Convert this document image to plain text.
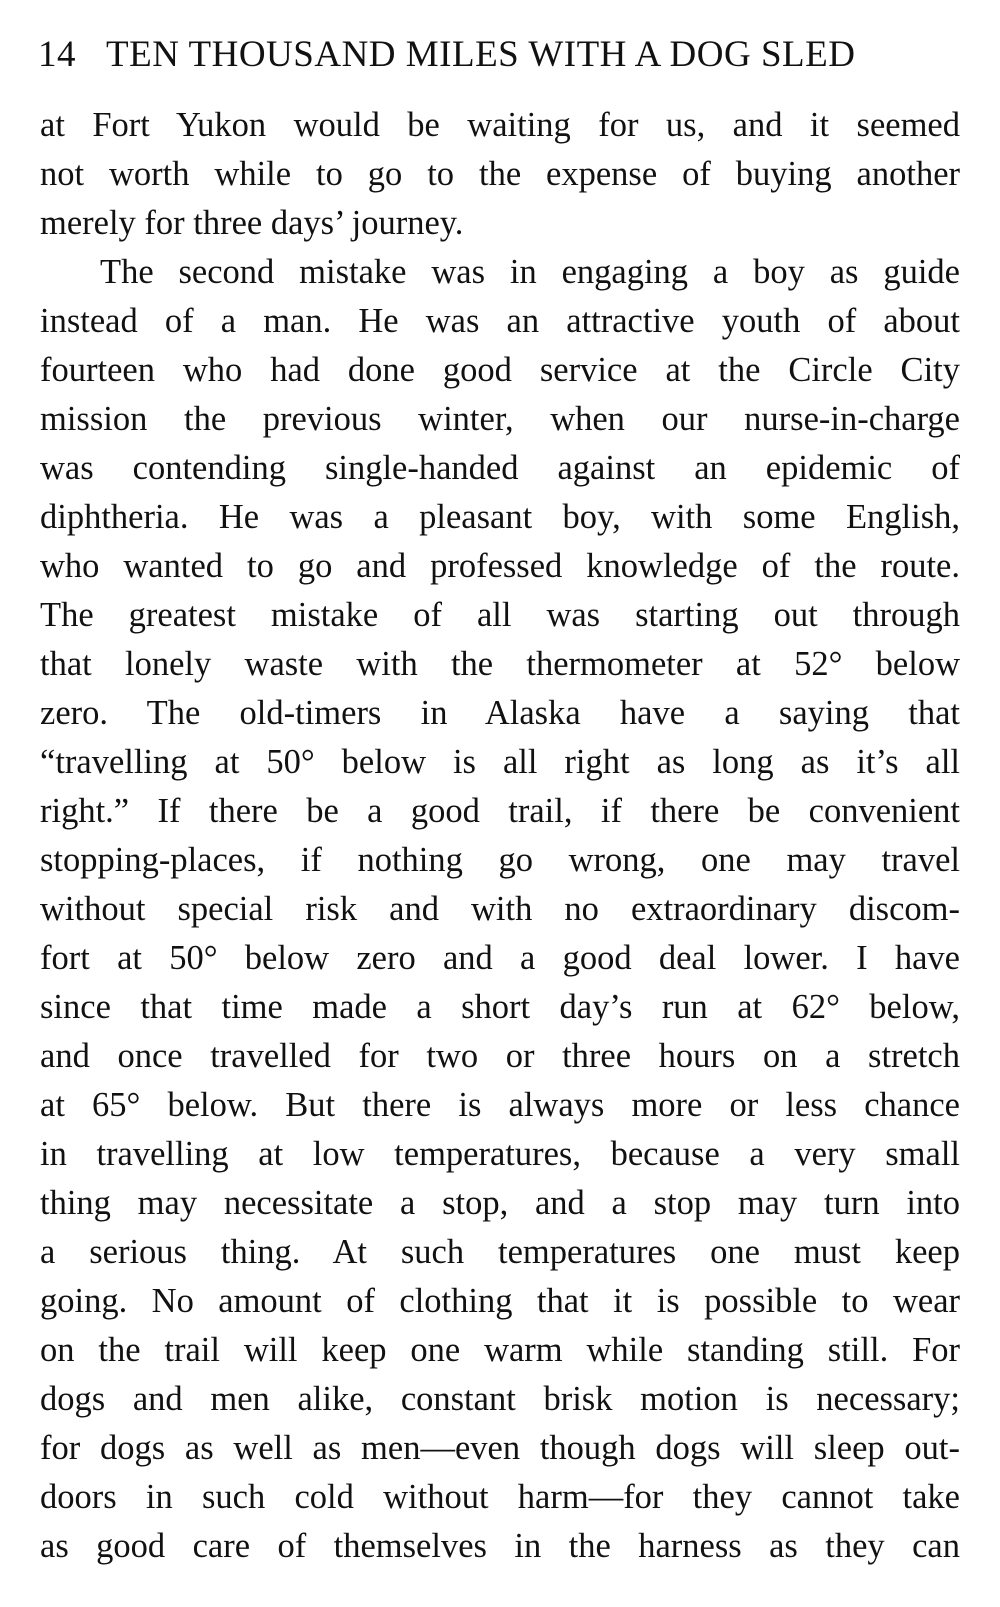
14 TEN THOUSAND MILES WITH A DOG SLED
at Fort Yukon would be waiting for us, and it seemed
not worth while to go to the expense of buying another
merely for three days’ journey.
The second mistake was in engaging a boy as guide
instead of a man. He was an attractive youth of about
fourteen who had done good service at the Circle City
mission the previous winter, when our nurse-in-charge
was contending single-handed against an epidemic of
diphtheria. He was a pleasant boy, with some English,
who wanted to go and professed knowledge of the route.
The greatest mistake of all was starting out through
that lonely waste with the thermometer at 52° below
zero. The old-timers in Alaska have a saying that
“travelling at 50° below is all right as long as it’s all
right.” If there be a good trail, if there be convenient
stopping-places, if nothing go wrong, one may travel
without special risk and with no extraordinary discom-
fort at 50° below zero and a good deal lower. I have
since that time made a short day’s run at 62° below,
and once travelled for two or three hours on a stretch
at 65° below. But there is always more or less chance
in travelling at low temperatures, because a very small
thing may necessitate a stop, and a stop may turn into
a serious thing. At such temperatures one must keep
going. No amount of clothing that it is possible to wear
on the trail will keep one warm while standing still. For
dogs and men alike, constant brisk motion is necessary;
for dogs as well as men—even though dogs will sleep out-
doors in such cold without harm—for they cannot take
as good care of themselves in the harness as they can
